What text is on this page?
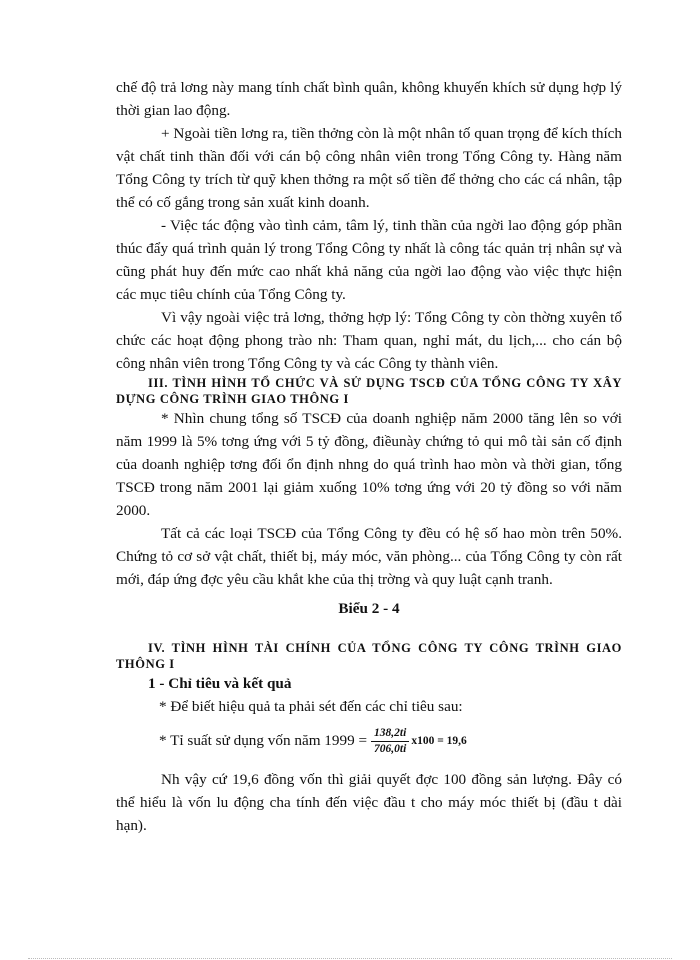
chế độ trả lơng này mang tính chất bình quân, không khuyến khích sử dụng hợp lý thời gian lao động.

+ Ngoài tiền lơng ra, tiền thởng còn là một nhân tố quan trọng để kích thích vật chất tinh thần đối với cán bộ công nhân viên trong Tổng Công ty. Hàng năm Tổng Công ty trích từ quỹ khen thởng ra một số tiền để thởng cho các cá nhân, tập thể có cố gắng trong sản xuất kinh doanh.

- Việc tác động vào tình cảm, tâm lý, tinh thần của ngời lao động góp phần thúc đẩy quá trình quản lý trong Tổng Công ty nhất là công tác quản trị nhân sự và cũng phát huy đến mức cao nhất khả năng của ngời lao động vào việc thực hiện các mục tiêu chính của Tổng Công ty.

Vì vậy ngoài việc trả lơng, thởng hợp lý: Tổng Công ty còn thờng xuyên tổ chức các hoạt động phong trào nh: Tham quan, nghỉ mát, du lịch,... cho cán bộ công nhân viên trong Tổng Công ty và các Công ty thành viên.

III. TÌNH HÌNH TỔ CHỨC VÀ SỬ DỤNG TSCĐ CỦA TỔNG CÔNG TY XÂY DỰNG CÔNG TRÌNH GIAO THÔNG I

* Nhìn chung tổng số TSCĐ của doanh nghiệp năm 2000 tăng lên so với năm 1999 là 5% tơng ứng với 5 tỷ đồng, điềunày chứng tỏ qui mô tài sản cố định của doanh nghiệp tơng đối ổn định nhng do quá trình hao mòn và thời gian, tổng TSCĐ trong năm 2001 lại giảm xuống 10% tơng ứng với 20 tỷ đồng so với năm 2000.

Tất cả các loại TSCĐ của Tổng Công ty đều có hệ số hao mòn trên 50%. Chứng tỏ cơ sở vật chất, thiết bị, máy móc, văn phòng... của Tổng Công ty còn rất mới, đáp ứng đợc yêu cầu khắt khe của thị trờng và quy luật cạnh tranh.

Biểu 2 - 4
IV. TÌNH HÌNH TÀI CHÍNH CỦA TỔNG CÔNG TY CÔNG TRÌNH GIAO THÔNG I
1 - Chỉ tiêu và kết quả

* Để biết hiệu quả ta phải sét đến các chỉ tiêu sau:

* Tỉ suất sử dụng vốn năm $1999 = \frac{138,2ti}{706,0ti} x100 = 19,6$

Nh vậy cứ 19,6 đồng vốn thì giải quyết đợc 100 đồng sản lượng. Đây có thể hiểu là vốn lu động cha tính đến việc đầu t cho máy móc thiết bị (đầu t dài hạn).
